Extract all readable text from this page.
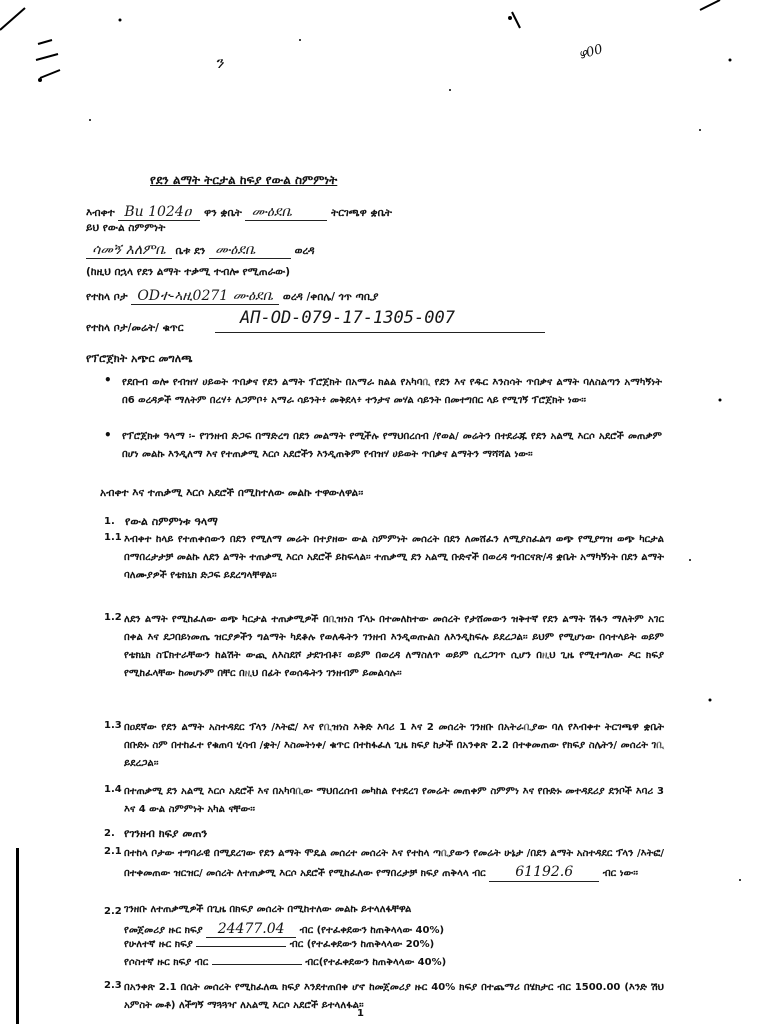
ን	ഴ00
የደን ልማት ትርታል ከፍያ የውል ስምምነት
እብቀተ Bu 1024ዐ ዋን ቋቤት ሙዕደቤ	ትርገጫዋ ቋቤት
ይህ የውል ስምምነት
ሳመኝ እለምቤ ቤቱ ደን ሙዕደቤ	ወረዳ
(ከዚህ በኋላ የደን ልማት ተቃሚ ተብሎ የሚጠራው)
የተከላ ቦታ ODተ-ኣዚ0271 ሙዕደቤ ወረዳ /ቀበሌ/ ጎጥ ጣቢያ
የተከላ ቦታ/መሬት/ ቁጥር	АП-ОD-079-17-1305-007
የፕሮጀክት አጭር መግለጫ
• የደቡብ ወሎ የብዝሃ ሀይወት ጥበቃና የደን ልማት ፕሮጀክት በአማራ ክልል የአካባቢ የደን እና የዱር እንስሳት ጥበቃና ልማት ባለስልጣን አማካኝነት በ6 ወረዳዎች ማለትም በረሃ፥ ለጋምቦ፥ አማራ ሳይንት፥ መቅደላ፥ ተንታና መሃል ሳይንት በመተግበር ላይ የሚገኝ ፕሮጀክት ነው፡፡
• የፕሮጀክቱ ዓላማ ፡- የገንዘብ ድጋፍ በማድረግ በደን መልማት የሚችሉ የማህበረሰብ /የወል/ መሬትን በተደራጁ የደን አልሚ እርሶ አደሮች መጠቃም በሆነ መልኩ እንዲለማ እና የተጠቃሚ እርሶ አደሮችን እንዲጠቅም የብዝሃ ሀይወት ጥበቃና ልማትን ማሻሻል ነው፡፡
አብቀተ እና ተጠቃሚ እርሶ አደሮች በሚከተለው መልኩ ተዋውለዋል፡፡
1. የውል ስምምነቱ ዓላማ
1.1 እብቀተ ከላይ የተጠቀሰውን በደን የሚለማ መሬት በተያዘው ውል ስምምነት መሰረት በደን ለመሸፈን ለሚያስፈልግ ወጭ የሚያግዝ ወጭ ካርታል በማበረታታቻ መልኩ ለደን ልማት ተጠቃሚ እርሶ አደሮች ይከፍላል፡፡ ተጠቃሚ ደን አልሚ ቡድኖች በወረዳ ግብርናጽ/ዳ ቋቤት አማካኝነት በደን ልማት ባለሙያዎች የቴክኒክ ድጋፍ ይደረግላቸዋል፡፡
1.2 ለደን ልማት የሚከፈለው ወጭ ካርታል ተጠቃሚዎች በቢዝነስ ፕላኑ በተመለከተው መሰረት የታሸመውን ዝቅተኛ የደን ልማት ሽፋን ማለትም አገር በቀል እና ደጋበይነመጤ ዝርያዎችን ግልማት ካደቆሉ የወለዱትን ገንዘብ እንዲወጡልስ ለእንዲከፍሉ ይደረጋል፡፡ ይህም የሚሆነው በሳተላይት ወይም የቴክኒክ ስፔክተራቸውን ከልሽት ውጪ ለእስደሾ ታደገብቶ፣ ወይም በወረዳ ለማስለጥ ወይም ሲረጋገጥ ሲሆን በዚህ ጊዜ የሚተግለው ዶር ክፍያ የሚከፈላቸው ከመሆኑም በቸር በዚህ በፊት የወሰዱትን ገንዘብም ይመልሳሉ፡፡
1.3 በዐደኛው የደን ልማት አስተዳደር ፕላን /እትፎ/ እና የቢዝነስ እቅድ እባሪ 1 እና 2 መሰረት ገንዘቡ በአትራቢያው ባለ የእብቀተ ትርገጫዋ ቋቤት በቡድኑ ስም በተከፈተ የቁጠባ ሂሳብ /ቋት/ እስመትነቀ/ ቁጥር በተከፋፈለ ጊዜ ክፍያ ከታች በአንቀጽ 2.2 በተቀመጠው የክፍያ ስሌትን/ መሰረት ገቢ ይደረጋል፡፡
1.4 በተጠቃሚ ደን አልሚ እርሶ አደሮች እና በአካባቢው ማህበረሰብ መካከል የተደረገ የመሬት መጠቀም ስምምነ እና የቡድኑ መተዳደሪያ ደንቦች እባሪ 3 እና 4 ውል ስምምነት አካል ናቸው፡፡
2. የገንዘብ ክፍያ መጠን
2.1 በተከላ ቦታው ተግባራዊ በሚደረገው የደን ልማት ሞዴል መሰረተ መሰረት እና የተከላ ጣቢያውን የመሬት ሁኔታ /በደን ልማት አስተዳደር ፕላን /እትፎ/ በተቀመጠው ዝርዝር/ መሰረት ለተጠቃሚ እርሶ አደሮች የሚከፈለው የማበረታቻ ክፍያ ጠቅላላ ብር 61192.6	ብር ነው፡፡
2.2 ገንዘቡ ለተጠቃሚዎች በጊዜ በክፍያ መሰረት በሚከተለው መልኩ ይተላለፋቸዋል
የመጀመሪያ ዙር ክፍያ 24477.04 ብር (የተፈቀደውን ከጠቅላላው 40%)
የሁለተኛ ዙር ክፍያ	ብር (የተፈቀደውን ከጠቅላላው 20%)
የሶስተኛ ዙር ክፍያ ብር	ብር(የተፈቀደውን ከጠቅላላው 40%)
2.3 በአንቀጽ 2.1 በሴት መሰረት የሚከፈለዉ ክፍያ እንደተጠበቀ ሆኖ ከመጀመሪያ ዙር 40% ክፍያ በተጨማሪ በሄክታር ብር 1500.00 (እንድ ሽህ አምስት መቶ) ለችግኝ ማጓጓዣ ለአልሚ እርሶ አደሮች ይተላለፋል፡፡
1
